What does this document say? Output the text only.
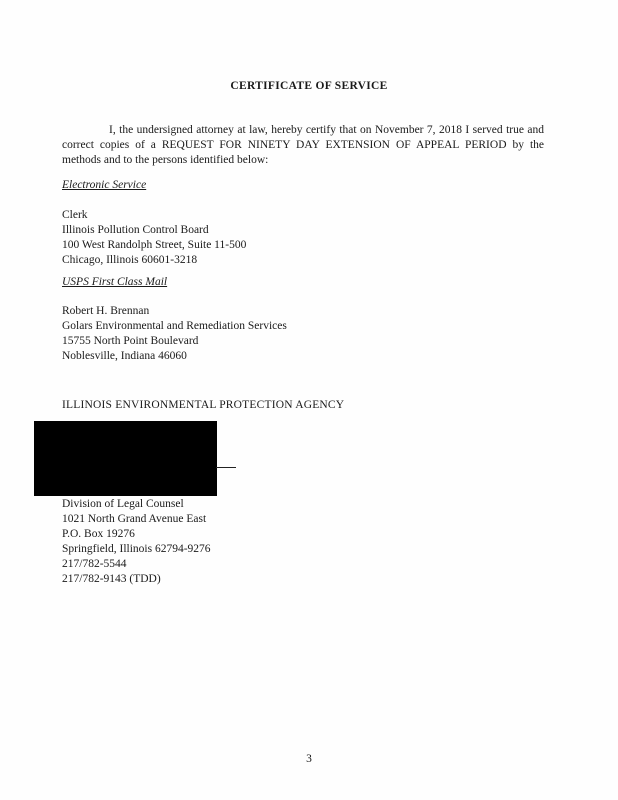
CERTIFICATE OF SERVICE
I, the undersigned attorney at law, hereby certify that on November 7, 2018 I served true and correct copies of a REQUEST FOR NINETY DAY EXTENSION OF APPEAL PERIOD by the methods and to the persons identified below:
Electronic Service
Clerk
Illinois Pollution Control Board
100 West Randolph Street, Suite 11-500
Chicago, Illinois 60601-3218
USPS First Class Mail
Robert H. Brennan
Golars Environmental and Remediation Services
15755 North Point Boulevard
Noblesville, Indiana 46060
ILLINOIS ENVIRONMENTAL PROTECTION AGENCY
Division of Legal Counsel
1021 North Grand Avenue East
P.O. Box 19276
Springfield, Illinois 62794-9276
217/782-5544
217/782-9143 (TDD)
3
